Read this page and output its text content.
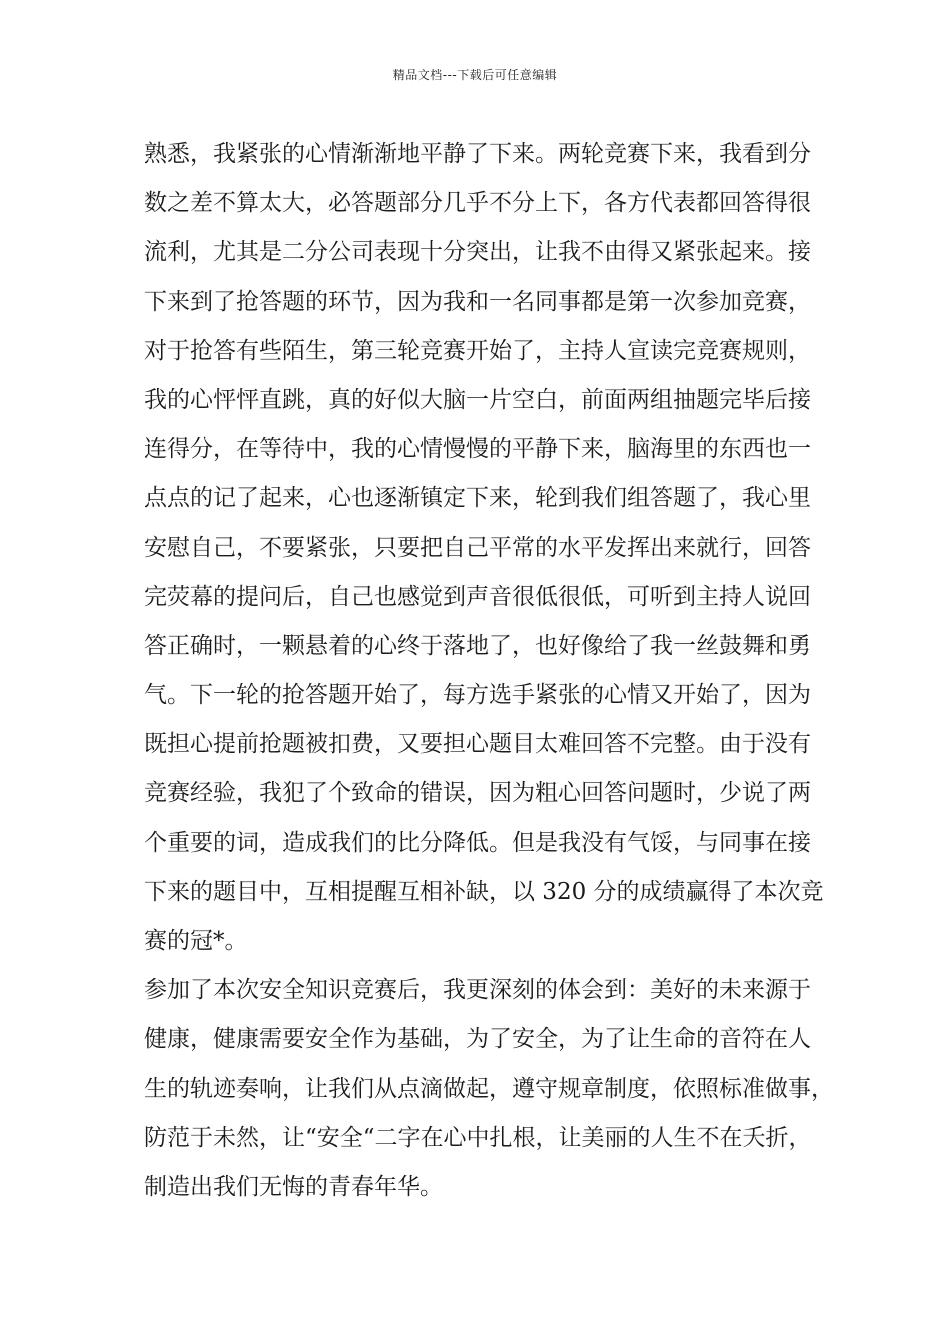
精品文档---下载后可任意编辑
熟悉，我紧张的心情渐渐地平静了下来。两轮竞赛下来，我看到分
数之差不算太大，必答题部分几乎不分上下，各方代表都回答得很
流利，尤其是二分公司表现十分突出，让我不由得又紧张起来。接
下来到了抢答题的环节，因为我和一名同事都是第一次参加竞赛，
对于抢答有些陌生，第三轮竞赛开始了，主持人宣读完竞赛规则，
我的心怦怦直跳，真的好似大脑一片空白，前面两组抽题完毕后接
连得分，在等待中，我的心情慢慢的平静下来，脑海里的东西也一
点点的记了起来，心也逐渐镇定下来，轮到我们组答题了，我心里
安慰自己，不要紧张，只要把自己平常的水平发挥出来就行，回答
完荧幕的提问后，自己也感觉到声音很低很低，可听到主持人说回
答正确时，一颗悬着的心终于落地了，也好像给了我一丝鼓舞和勇
气。下一轮的抢答题开始了，每方选手紧张的心情又开始了，因为
既担心提前抢题被扣费，又要担心题目太难回答不完整。由于没有
竞赛经验，我犯了个致命的错误，因为粗心回答问题时，少说了两
个重要的词，造成我们的比分降低。但是我没有气馁，与同事在接
下来的题目中，互相提醒互相补缺，以 320 分的成绩赢得了本次竞
赛的冠*。
参加了本次安全知识竞赛后，我更深刻的体会到：美好的未来源于
健康，健康需要安全作为基础，为了安全，为了让生命的音符在人
生的轨迹奏响，让我们从点滴做起，遵守规章制度，依照标准做事，
防范于未然，让“安全“二字在心中扎根，让美丽的人生不在夭折，
制造出我们无悔的青春年华。
